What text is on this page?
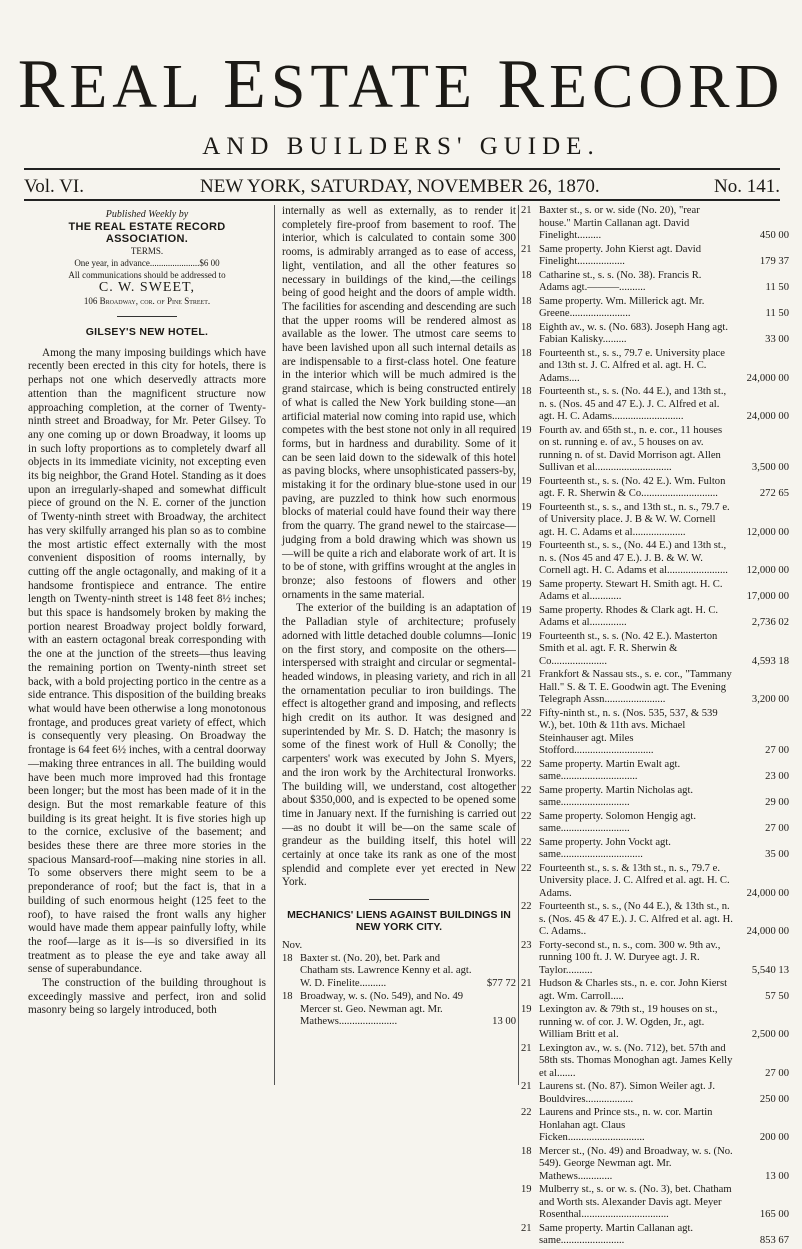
REAL ESTATE RECORD
AND BUILDERS' GUIDE.
Vol. VI.	NEW YORK, SATURDAY, NOVEMBER 26, 1870.	No. 141.
Published Weekly by
THE REAL ESTATE RECORD ASSOCIATION.
TERMS.
One year, in advance......................$6 00
All communications should be addressed to
C. W. SWEET,
106 Broadway, cor. of Pine Street.
GILSEY'S NEW HOTEL.

Among the many imposing buildings which have recently been erected in this city for hotels, there is perhaps not one which deservedly attracts more attention than the magnificent structure now approaching completion, at the corner of Twenty-ninth street and Broadway, for Mr. Peter Gilsey. To any one coming up or down Broadway, it looms up in such lofty proportions as to completely dwarf all objects in its immediate vicinity, not excepting even its big neighbor, the Grand Hotel. Standing as it does upon an irregularly-shaped and somewhat difficult piece of ground on the N. E. corner of the junction of Twenty-ninth street with Broadway, the architect has very skilfully arranged his plan so as to combine the most artistic effect externally with the most convenient disposition of rooms internally, by cutting off the angle octagonally, and making of it a handsome frontispiece and entrance. The entire length on Twenty-ninth street is 148 feet 8½ inches; but this space is handsomely broken by making the portion nearest Broadway project boldly forward, with an eastern octagonal break corresponding with the one at the junction of the streets—thus leaving the remaining portion on Twenty-ninth street set back, with a bold projecting portico in the centre as a side entrance. This disposition of the building breaks what would have been otherwise a long monotonous frontage, and produces great variety of effect, which is consequently very pleasing. On Broadway the frontage is 64 feet 6½ inches, with a central doorway—making three entrances in all. The building would have been much more improved had this frontage been longer; but the most has been made of it in the design. But the most remarkable feature of this building is its great height. It is five stories high up to the cornice, exclusive of the basement; and besides these there are three more stories in the spacious Mansard-roof—making nine stories in all. To some observers there might seem to be a preponderance of roof; but the fact is, that in a building of such enormous height (125 feet to the roof), to have raised the front walls any higher would have made them appear painfully lofty, while the roof—large as it is—is so diversified in its treatment as to please the eye and take away all sense of superabundance.

The construction of the building throughout is exceedingly massive and perfect, iron and solid masonry being so largely introduced, both

internally as well as externally, as to render it completely fire-proof from basement to roof. The interior, which is calculated to contain some 300 rooms, is admirably arranged as to ease of access, light, ventilation, and all the other features so necessary in buildings of the kind,—the ceilings being of good height and the doors of ample width. The facilities for ascending and descending are such that the upper rooms will be rendered almost as available as the lower. The utmost care seems to have been lavished upon all such internal details as are indispensable to a first-class hotel. One feature in the interior which will be much admired is the grand staircase, which is being constructed entirely of what is called the New York building stone—an artificial material now coming into rapid use, which competes with the best stone not only in all required forms, but in hardness and durability. Some of it can be seen laid down to the sidewalk of this hotel as paving blocks, where unsophisticated passers-by, mistaking it for the ordinary blue-stone used in our paving, are puzzled to think how such enormous blocks of material could have found their way there from the quarry. The grand newel to the staircase—judging from a bold drawing which was shown us—will be quite a rich and elaborate work of art. It is to be of stone, with griffins wrought at the angles in bronze; also festoons of flowers and other ornaments in the same material.

The exterior of the building is an adaptation of the Palladian style of architecture; profusely adorned with little detached double columns—Ionic on the first story, and composite on the others—interspersed with straight and circular or segmental-headed windows, in pleasing variety, and rich in all the ornamentation peculiar to iron buildings. The effect is altogether grand and imposing, and reflects high credit on its author. It was designed and superintended by Mr. S. D. Hatch; the masonry is some of the finest work of Hull & Conolly; the carpenters' work was executed by John S. Myers, and the iron work by the Architectural Ironworks. The building will, we understand, cost altogether about $350,000, and is expected to be opened some time in January next. If the furnishing is carried out—as no doubt it will be—on the same scale of grandeur as the building itself, this hotel will certainly at once take its rank as one of the most splendid and complete ever yet erected in New York.

MECHANICS' LIENS AGAINST BUILDINGS IN NEW YORK CITY.
Nov.
18 Baxter st. (No. 20), bet. Park and Chatham sts. Lawrence Kenny et al. agt. W. D. Finelite..........	$77 72
18 Broadway, w. s. (No. 549), and No. 49 Mercer st. Geo. Newman agt. Mr. Mathews......................	13 00
21 Baxter st., s. or w. side (No. 20), "rear house." Martin Callanan agt. David Finelight.........	450 00
21 Same property. John Kierst agt. David Finelight..................	179 37
18 Catharine st., s. s. (No. 38). Francis R. Adams agt.———..........	11 50
18 Same property. Wm. Millerick agt. Mr. Greene.......................	11 50
18 Eighth av., w. s. (No. 683). Joseph Hang agt. Fabian Kalisky.........	33 00
18 Fourteenth st., s. s., 79.7 e. University place and 13th st. J. C. Alfred et al. agt. H. C. Adams....	24,000 00
18 Fourteenth st., s. s. (No. 44 E.), and 13th st., n. s. (Nos. 45 and 47 E.). J. C. Alfred et al. agt. H. C. Adams...........................	24,000 00
19 Fourth av. and 65th st., n. e. cor., 11 houses on st. running e. of av., 5 houses on av. running n. of st. David Morrison agt. Allen Sullivan et al.............................	3,500 00
19 Fourteenth st., s. s. (No. 42 E.). Wm. Fulton agt. F. R. Sherwin & Co.............................	272 65
19 Fourteenth st., s. s., and 13th st., n. s., 79.7 e. of University place. J. B & W. W. Cornell agt. H. C. Adams et al....................	12,000 00
19 Fourteenth st., s. s., (No. 44 E.) and 13th st., n. s. (Nos 45 and 47 E.). J. B. & W. W. Cornell agt. H. C. Adams et al.......................	12,000 00
19 Same property. Stewart H. Smith agt. H. C. Adams et al............	17,000 00
19 Same property. Rhodes & Clark agt. H. C. Adams et al..............	2,736 02
19 Fourteenth st., s. s. (No. 42 E.). Masterton Smith et al. agt. F. R. Sherwin & Co.....................	4,593 18
21 Frankfort & Nassau sts., s. e. cor., "Tammany Hall." S. & T. E. Goodwin agt. The Evening Telegraph Assn.......................	3,200 00
22 Fifty-ninth st., n. s. (Nos. 535, 537, & 539 W.), bet. 10th & 11th avs. Michael Steinhauser agt. Miles Stofford..............................	27 00
22 Same property. Martin Ewalt agt. same.............................	23 00
22 Same property. Martin Nicholas agt. same..........................	29 00
22 Same property. Solomon Hengig agt. same..........................	27 00
22 Same property. John Vockt agt. same...............................	35 00
22 Fourteenth st., s. s. & 13th st., n. s., 79.7 e. University place. J. C. Alfred et al. agt. H. C. Adams.	24,000 00
22 Fourteenth st., s. s., (No 44 E.), & 13th st., n. s. (Nos. 45 & 47 E.). J. C. Alfred et al. agt. H. C. Adams..	24,000 00
23 Forty-second st., n. s., com. 300 w. 9th av., running 100 ft. J. W. Duryee agt. J. R. Taylor..........	5,540 13
21 Hudson & Charles sts., n. e. cor. John Kierst agt. Wm. Carroll.....	57 50
19 Lexington av. & 79th st., 19 houses on st., running w. of cor. J. W. Ogden, Jr., agt. William Britt et al.	2,500 00
21 Lexington av., w. s. (No. 712), bet. 57th and 58th sts. Thomas Monoghan agt. James Kelly et al.......	27 00
21 Laurens st. (No. 87). Simon Weiler agt. J. Bouldvires..................	250 00
22 Laurens and Prince sts., n. w. cor. Martin Honlahan agt. Claus Ficken.............................	200 00
18 Mercer st., (No. 49) and Broadway, w. s. (No. 549). George Newman agt. Mr. Mathews.............	13 00
19 Mulberry st., s. or w. s. (No. 3), bet. Chatham and Worth sts. Alexander Davis agt. Meyer Rosenthal.................................	165 00
21 Same property. Martin Callanan agt. same........................	853 67
